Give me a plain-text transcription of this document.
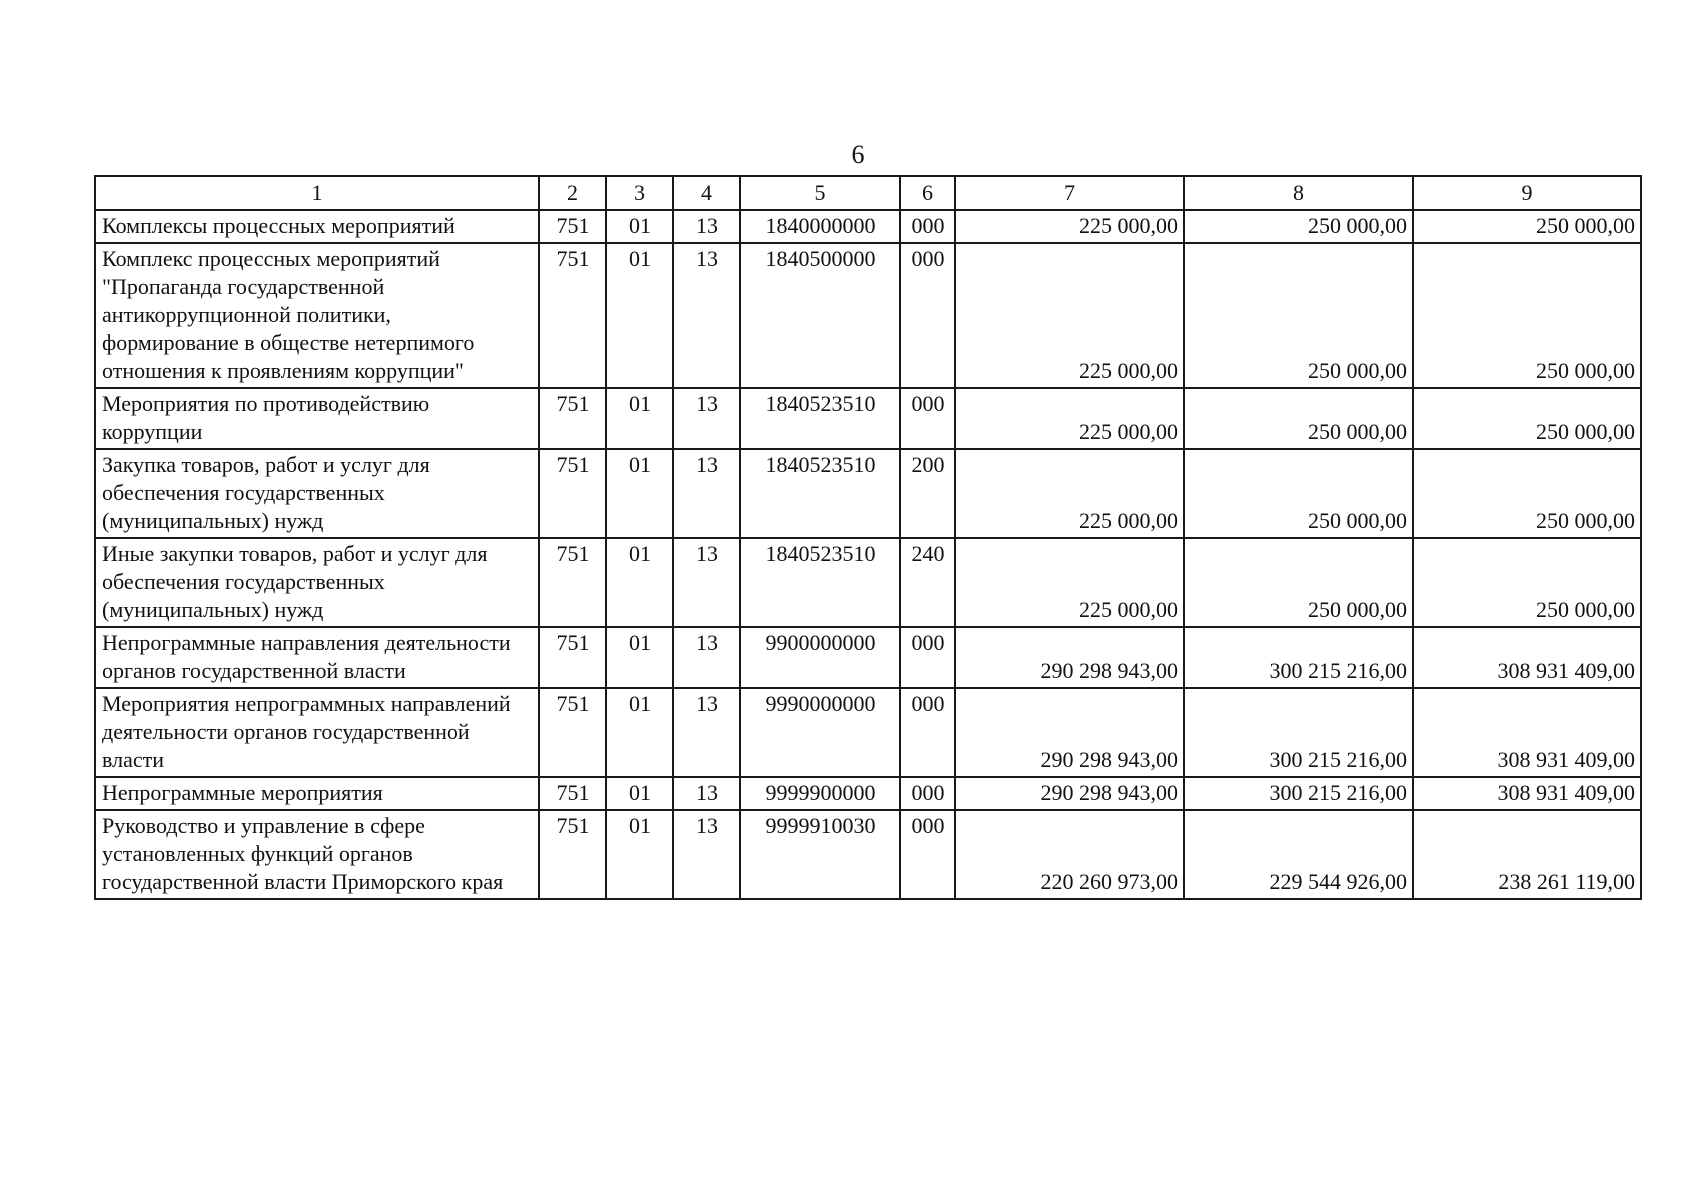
6
1	2	3	4	5	6	7	8	9
Комплексы процессных мероприятий	751	01	13	1840000000	000	225 000,00	250 000,00	250 000,00
Комплекс процессных мероприятий "Пропаганда государственной антикоррупционной политики, формирование в обществе нетерпимого отношения к проявлениям коррупции"	751	01	13	1840500000	000	225 000,00	250 000,00	250 000,00
Мероприятия по противодействию коррупции	751	01	13	1840523510	000	225 000,00	250 000,00	250 000,00
Закупка товаров, работ и услуг для обеспечения государственных (муниципальных) нужд	751	01	13	1840523510	200	225 000,00	250 000,00	250 000,00
Иные закупки товаров, работ и услуг для обеспечения государственных (муниципальных) нужд	751	01	13	1840523510	240	225 000,00	250 000,00	250 000,00
Непрограммные направления деятельности органов государственной власти	751	01	13	9900000000	000	290 298 943,00	300 215 216,00	308 931 409,00
Мероприятия непрограммных направлений деятельности органов государственной власти	751	01	13	9990000000	000	290 298 943,00	300 215 216,00	308 931 409,00
Непрограммные мероприятия	751	01	13	9999900000	000	290 298 943,00	300 215 216,00	308 931 409,00
Руководство и управление в сфере установленных функций органов государственной власти Приморского края	751	01	13	9999910030	000	220 260 973,00	229 544 926,00	238 261 119,00
